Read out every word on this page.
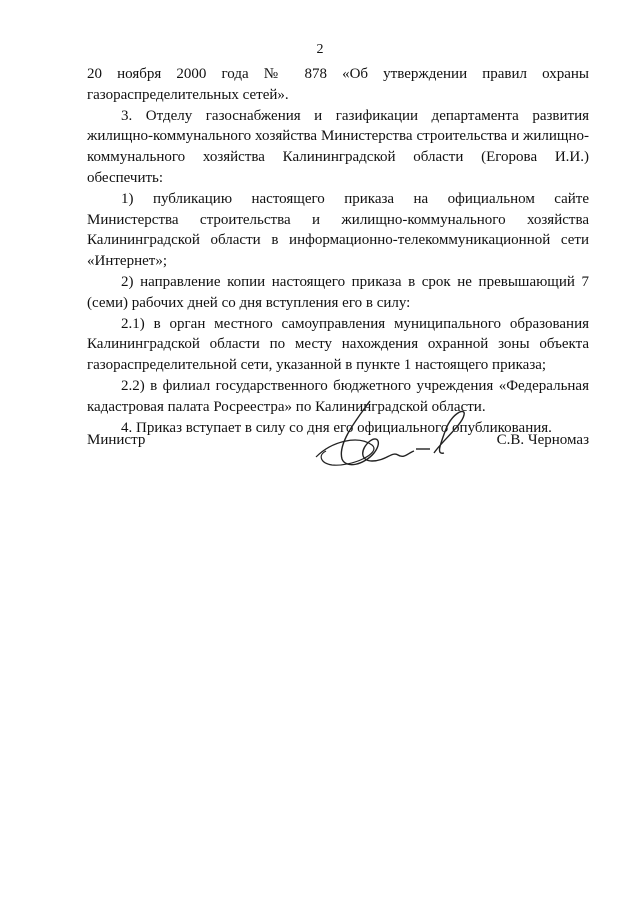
2

20 ноября 2000 года № 878 «Об утверждении правил охраны газораспределительных сетей».

3. Отделу газоснабжения и газификации департамента развития жилищно-коммунального хозяйства Министерства строительства и жилищно-коммунального хозяйства Калининградской области (Егорова И.И.) обеспечить:

1) публикацию настоящего приказа на официальном сайте Министерства строительства и жилищно-коммунального хозяйства Калининградской области в информационно-телекоммуникационной сети «Интернет»;

2) направление копии настоящего приказа в срок не превышающий 7 (семи) рабочих дней со дня вступления его в силу:

2.1) в орган местного самоуправления муниципального образования Калининградской области по месту нахождения охранной зоны объекта газораспределительной сети, указанной в пункте 1 настоящего приказа;

2.2) в филиал государственного бюджетного учреждения «Федеральная кадастровая палата Росреестра» по Калининградской области.

4. Приказ вступает в силу со дня его официального опубликования.

Министр	С.В. Черномаз
